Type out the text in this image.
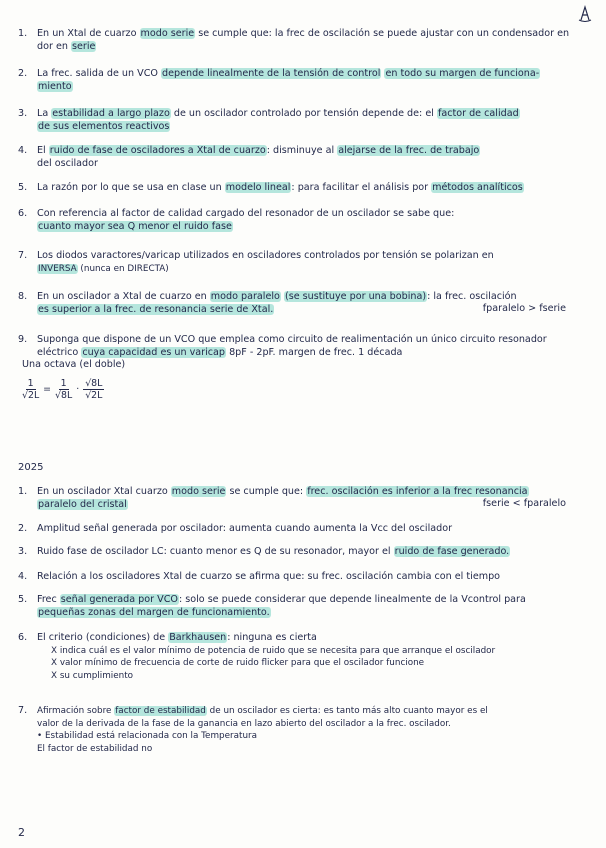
1.	En un Xtal de cuarzo modo serie se cumple que: la frec de oscilación se puede ajustar con un condensador en
dor en serie
2.	La frec. salida de un VCO depende linealmente de la tensión de control en todo su margen de funciona-
miento
3.	La estabilidad a largo plazo de un oscilador controlado por tensión depende de: el factor de calidad
de sus elementos reactivos
4.	El ruido de fase de osciladores a Xtal de cuarzo: disminuye al alejarse de la frec. de trabajo
del oscilador
5.	La razón por lo que se usa en clase un modelo lineal: para facilitar el análisis por métodos analíticos
6.	Con referencia al factor de calidad cargado del resonador de un oscilador se sabe que:
cuanto mayor sea Q menor el ruido fase
7.	Los diodos varactores/varicap utilizados en osciladores controlados por tensión se polarizan en
INVERSA (nunca en DIRECTA)
8.	En un oscilador a Xtal de cuarzo en modo paralelo (se sustituye por una bobina): la frec. oscilación
es superior a la frec. de resonancia serie de Xtal.	fparalelo > fserie
9.	Suponga que dispone de un VCO que emplea como circuito de realimentación un único circuito resonador
eléctrico cuya capacidad es un varicap 8pF - 2pF. margen de frec. 1 década
Una octava (el doble)
$\frac{1}{√2L} = \frac{1}{√8L} \cdot \frac{√8L}{√2L}$
2025
1.	En un oscilador Xtal cuarzo modo serie se cumple que: frec. oscilación es inferior a la frec resonancia
paralelo del cristal	fserie < fparalelo
2.	Amplitud señal generada por oscilador: aumenta cuando aumenta la Vcc del oscilador
3.	Ruido fase de oscilador LC: cuanto menor es Q de su resonador, mayor el ruido de fase generado.
4.	Relación a los osciladores Xtal de cuarzo se afirma que: su frec. oscilación cambia con el tiempo
5.	Frec señal generada por VCO: solo se puede considerar que depende linealmente de la Vcontrol para
pequeñas zonas del margen de funcionamiento.
6.	El criterio (condiciones) de Barkhausen: ninguna es cierta
X indica cuál es el valor mínimo de potencia de ruido que se necesita para que arranque el oscilador
X valor mínimo de frecuencia de corte de ruido flicker para que el oscilador funcione
X su cumplimiento
7.	Afirmación sobre factor de estabilidad de un oscilador es cierta: es tanto más alto cuanto mayor es el
valor de la derivada de la fase de la ganancia en lazo abierto del oscilador a la frec. oscilador.
• Estabilidad está relacionada con la Temperatura
El factor de estabilidad no
2
